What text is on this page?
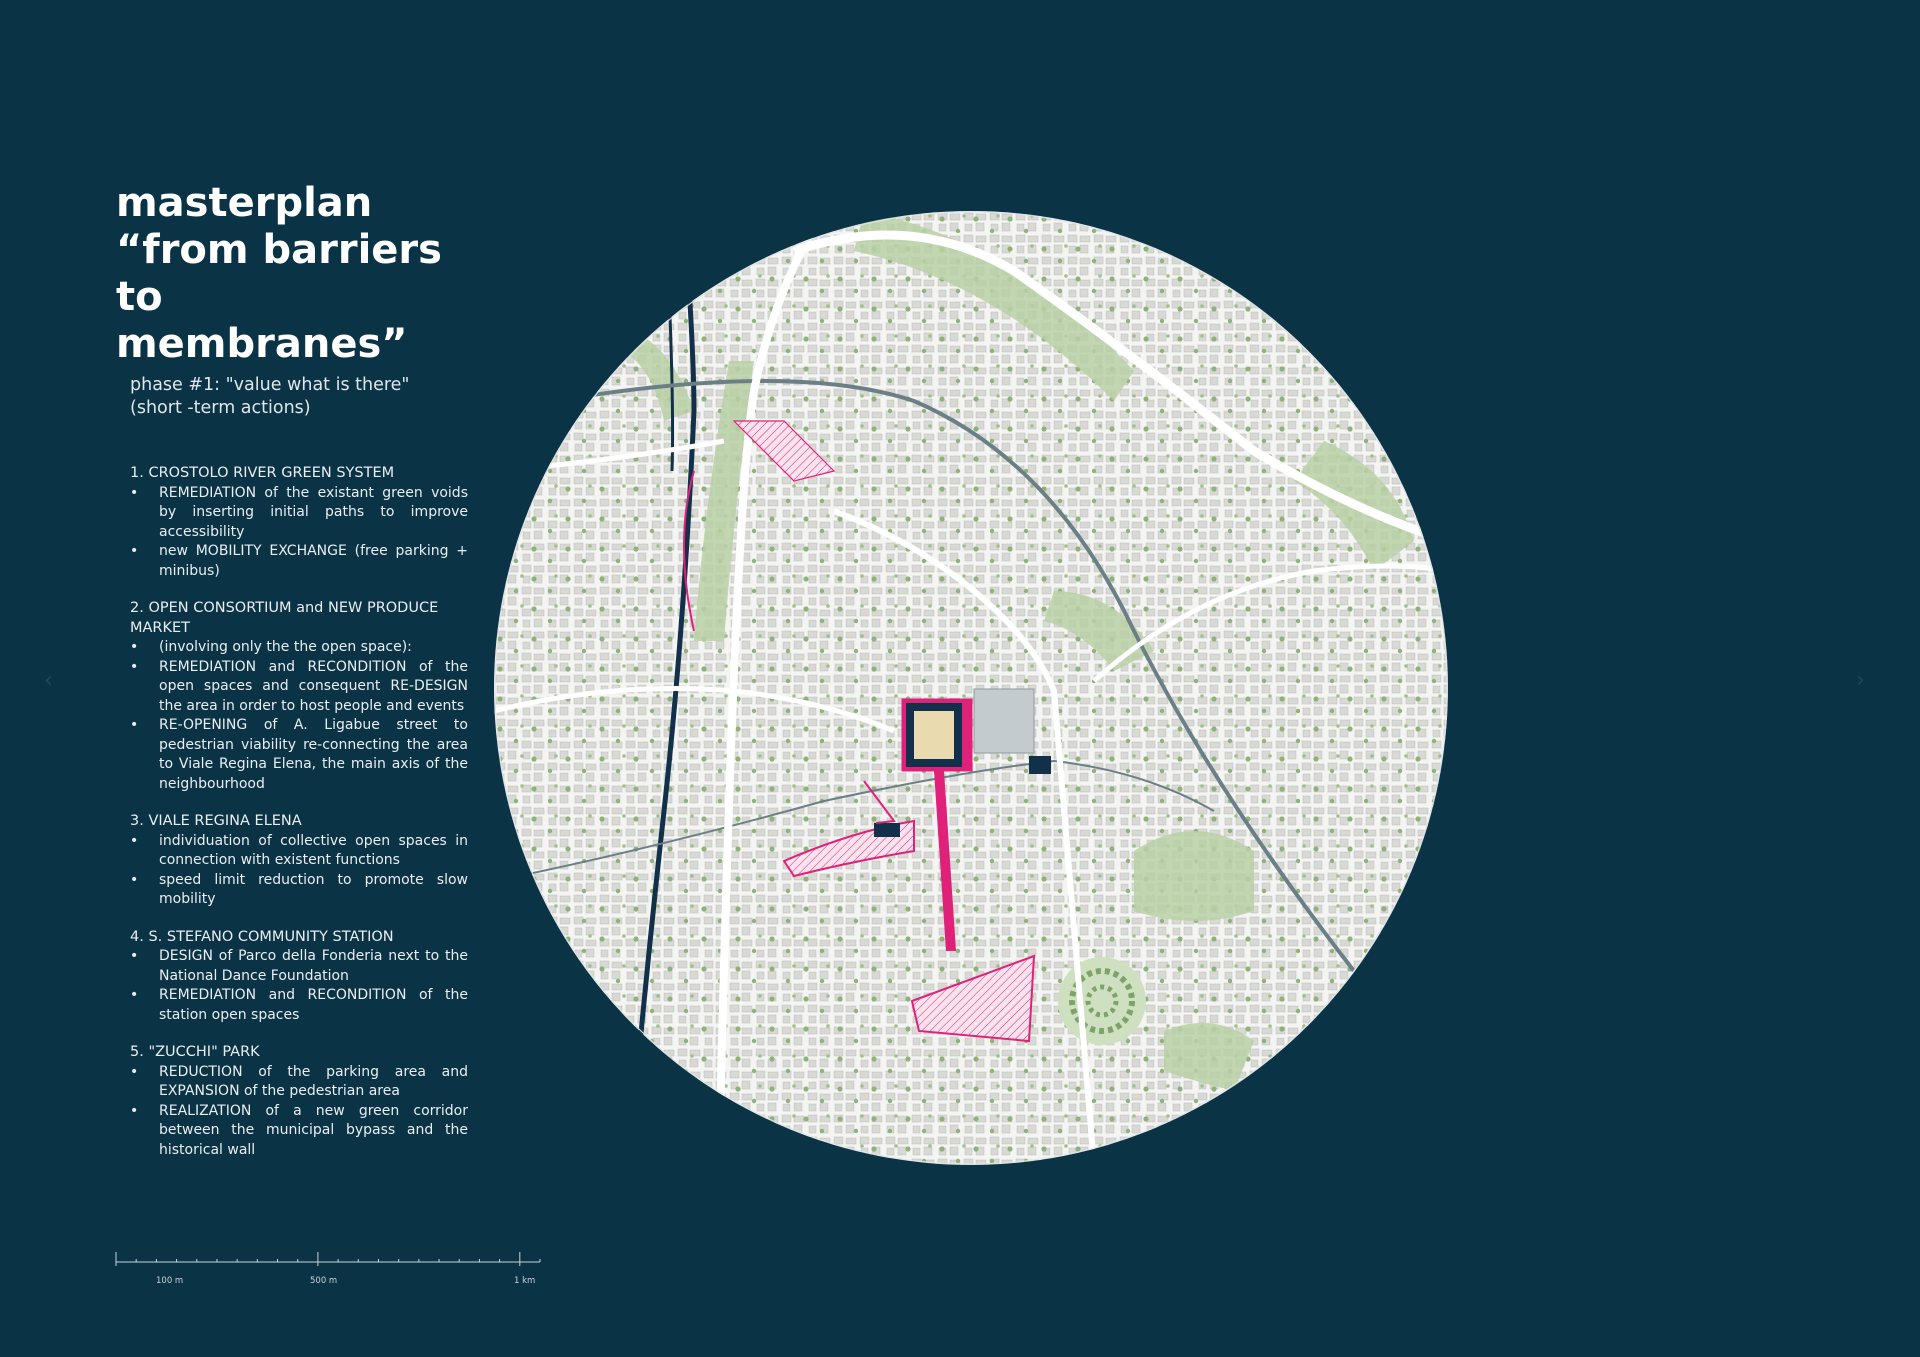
masterplan
“from barriers to
membranes”
phase #1: "value what is there"
(short -term actions)
1. CROSTOLO RIVER GREEN SYSTEM
• REMEDIATION of the existant green voids by inserting initial paths to improve accessibility
• new MOBILITY EXCHANGE (free parking + minibus)
2. OPEN CONSORTIUM and NEW PRODUCE MARKET
• (involving only the the open space):
• REMEDIATION and RECONDITION of the open spaces and consequent RE-DESIGN the area in order to host people and events
• RE-OPENING of A. Ligabue street to pedestrian viability re-connecting the area to Viale Regina Elena, the main axis of the neighbourhood
3. VIALE REGINA ELENA
• individuation of collective open spaces in connection with existent functions
• speed limit reduction to promote slow mobility
4. S. STEFANO COMMUNITY STATION
• DESIGN of Parco della Fonderia next to the National Dance Foundation
• REMEDIATION and RECONDITION of the station open spaces
5. "ZUCCHI" PARK
• REDUCTION of the parking area and EXPANSION of the pedestrian area
• REALIZATION of a new green corridor between the municipal bypass and the historical wall
100 m	500 m	1 km
‹	›
